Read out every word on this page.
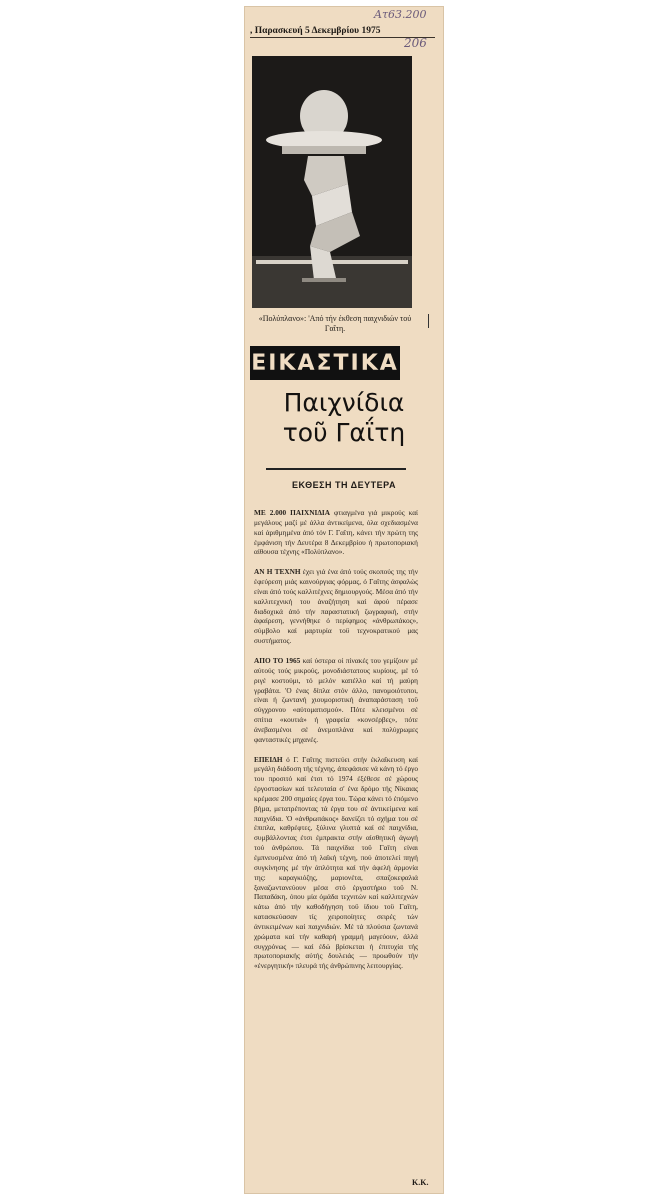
Ατ63.200
206
, Παρασκευή 5 Δεκεμβρίου 1975
«Πολύπλανο»: 'Από τήν έκθεση παιχνιδιών τού Γαΐτη.
ΕΙΚΑΣΤΙΚΑ
Παιχνίδια
τοῦ Γαΐτη
ΕΚΘΕΣΗ ΤΗ ΔΕΥΤΕΡΑ

ΜΕ 2.000 ΠΑΙΧΝΙΔΙΑ φτιαγμένα γιά μικρούς καί μεγάλους μαζί μέ άλλα άντικείμενα, όλα σχεδιασμένα καί άριθμημένα άπό τόν Γ. Γαΐτη, κάνει τήν πρώτη της έμφάνιση τήν Δευτέρα 8 Δεκεμβρίου ή πρωτοποριακή αίθουσα τέχνης «Πολύπλανο».

ΑΝ Η ΤΕΧΝΗ έχει γιά ένα άπό τούς σκοπούς της τήν έφεύρεση μιάς καινούργιας φόρμας, ό Γαΐτης άσφαλώς είναι άπό τούς καλλιτέχνες δημιουργούς. Μέσα άπό τήν καλλιτεχνική του άναζήτηση καί άφού πέρασε διαδοχικά άπό τήν παραστατική ζωγραφική, στήν άφαίρεση, γεννήθηκε ό περίφημος «άνθρωπάκος», σύμβολο καί μαρτυρία τοϋ τεχνοκρατικού μας συστήματος.

ΑΠΟ ΤΟ 1965 καί ύστερα οί πίνακές του γεμίζουν μέ αύτούς τούς μικρούς, μονοδιάστατους κυρίους, μέ τό ριγέ κοστούμι, τό μελόν καπέλλο καί τή μαύρη γραβάτα. 'Ο ένας δίπλα στόν άλλο, πανομοιότυποι, είναι ή ζωντανή χιουμοριστική άναπαράσταση τοϋ σύγχρονου «αύτοματισμού». Πότε κλεισμένοι σέ σπίτια «κουτιά» ή γραφεία «κονσέρβες», πότε άνεβασμένοι σέ άνεμοπλάνα καί πολύχρωμες φανταστικές μηχανές.

ΕΠΕΙΔΗ ό Γ. Γαΐτης πιστεύει στήν έκλαΐκευση καί μεγάλη διάδοση τής τέχνης, άπεφάσισε νά κάνη τό έργο του προσιτό καί έτσι τό 1974 έξέθεσε σέ χώρους έργοστασίων καί τελευταία σ' ένα δρόμο τής Νίκαιας κρέμασε 200 σημαίες έργα του. Τώρα κάνει τό έπόμενο βήμα, μετατρέποντας τά έργα του σέ άντικείμενα καί παιχνίδια. 'Ο «άνθρωπάκος» δανείζει τό σχήμα του σέ έπιπλα, καθρέφτες, ξύλινα γλυπτά καί σέ παιχνίδια, συμβάλλοντας έτσι έμπρακτα στήν αίσθητική άγωγή τού άνθρώπου. Τά παιχνίδια τοϋ Γαΐτη είναι έμπνευσμένα άπό τή λαϊκή τέχνη, πού άποτελεί πηγή συγκίνησης μέ τήν άπλότητα καί τήν άφελή άρμονία της: καραγκιόζης, μαριονέτα, σπαζοκεφαλιά ξαναζωντανεύουν μέσα στό έργαστήριο τοϋ Ν. Παπαδάκη, όπου μία όμάδα τεχνιτών καί καλλιτεχνών κάτω άπό τήν καθοδήγηση τοϋ ίδιου τοϋ Γαΐτη, κατασκεύασαν τίς χειροποίητες σειρές τών άντικειμένων καί παιχνιδιών. Μέ τά πλούσια ζωντανά χρώματα καί τήν καθαρή γραμμή μαγεύουν, άλλά συγχρόνως — καί έδώ βρίσκεται ή έπιτυχία τής πρωτοποριακής αύτής δουλειάς — προωθούν τήν «ένεργητική» πλευρά τής άνθρώπινης λειτουργίας.

Κ.Κ.
